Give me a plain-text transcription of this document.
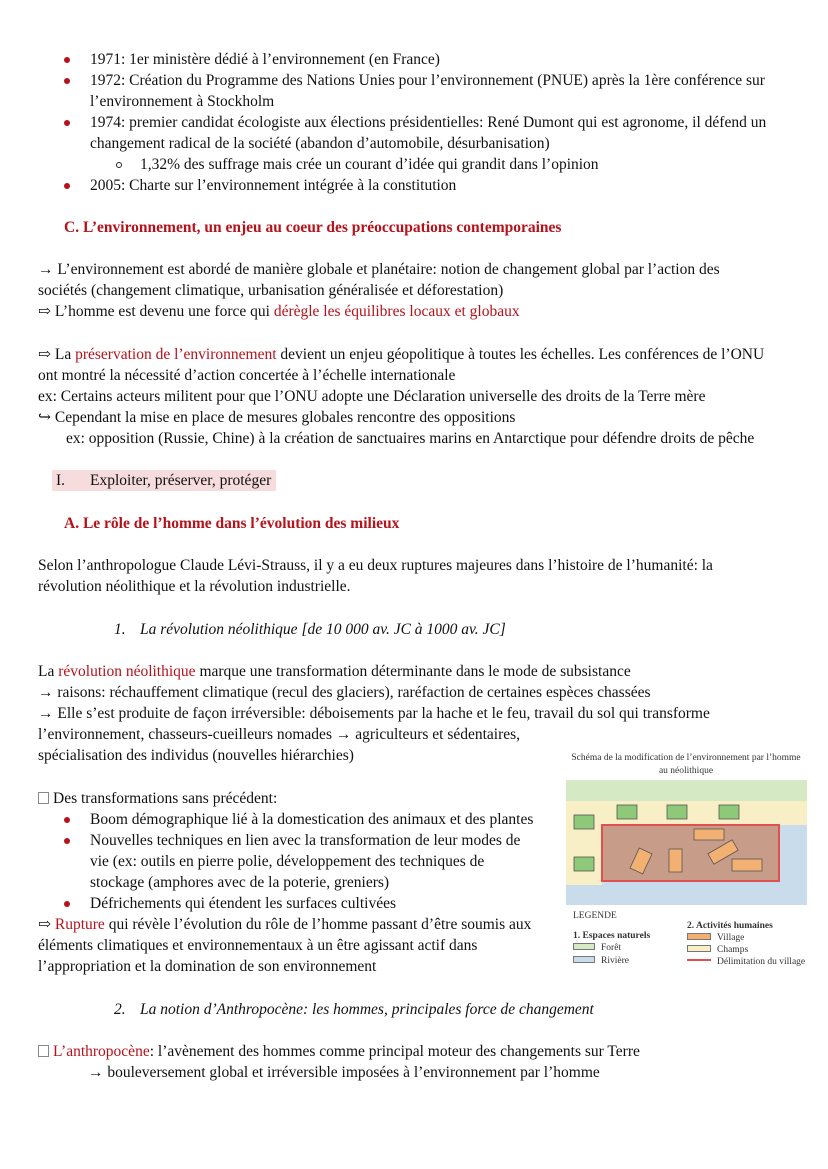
1971: 1er ministère dédié à l’environnement (en France)
1972: Création du Programme des Nations Unies pour l’environnement (PNUE) après la 1ère conférence sur
l’environnement à Stockholm
1974: premier candidat écologiste aux élections présidentielles: René Dumont qui est agronome, il défend un
changement radical de la société (abandon d’automobile, désurbanisation)
1,32% des suffrage mais crée un courant d’idée qui grandit dans l’opinion
2005: Charte sur l’environnement intégrée à la constitution
C. L’environnement, un enjeu au coeur des préoccupations contemporaines
→ L’environnement est abordé de manière globale et planétaire: notion de changement global par l’action des
sociétés (changement climatique, urbanisation généralisée et déforestation)
⇨ L’homme est devenu une force qui dérègle les équilibres locaux et globaux
⇨ La préservation de l’environnement devient un enjeu géopolitique à toutes les échelles. Les conférences de l’ONU
ont montré la nécessité d’action concertée à l’échelle internationale
ex: Certains acteurs militent pour que l’ONU adopte une Déclaration universelle des droits de la Terre mère
↪ Cependant la mise en place de mesures globales rencontre des oppositions
ex: opposition (Russie, Chine) à la création de sanctuaires marins en Antarctique pour défendre droits de pêche
I. Exploiter, préserver, protéger
A. Le rôle de l’homme dans l’évolution des milieux
Selon l’anthropologue Claude Lévi-Strauss, il y a eu deux ruptures majeures dans l’histoire de l’humanité: la
révolution néolithique et la révolution industrielle.
1. La révolution néolithique [de 10 000 av. JC à 1000 av. JC]
La révolution néolithique marque une transformation déterminante dans le mode de subsistance
→ raisons: réchauffement climatique (recul des glaciers), raréfaction de certaines espèces chassées
→ Elle s’est produite de façon irréversible: déboisements par la hache et le feu, travail du sol qui transforme
l’environnement, chasseurs-cueilleurs nomades → agriculteurs et sédentaires,
spécialisation des individus (nouvelles hiérarchies)
Des transformations sans précédent:
Boom démographique lié à la domestication des animaux et des plantes
Nouvelles techniques en lien avec la transformation de leur modes de
vie (ex: outils en pierre polie, développement des techniques de
stockage (amphores avec de la poterie, greniers)
Défrichements qui étendent les surfaces cultivées
⇨ Rupture qui révèle l’évolution du rôle de l’homme passant d’être soumis aux
éléments climatiques et environnementaux à un être agissant actif dans
l’appropriation et la domination de son environnement
Schéma de la modification de l’environnement par l’homme
au néolithique
LEGENDE
1. Espaces naturels
Forêt
Rivière
2. Activités humaines
Village
Champs
Délimitation du village
2. La notion d’Anthropocène: les hommes, principales force de changement
L’anthropocène: l’avènement des hommes comme principal moteur des changements sur Terre
→ bouleversement global et irréversible imposées à l’environnement par l’homme
